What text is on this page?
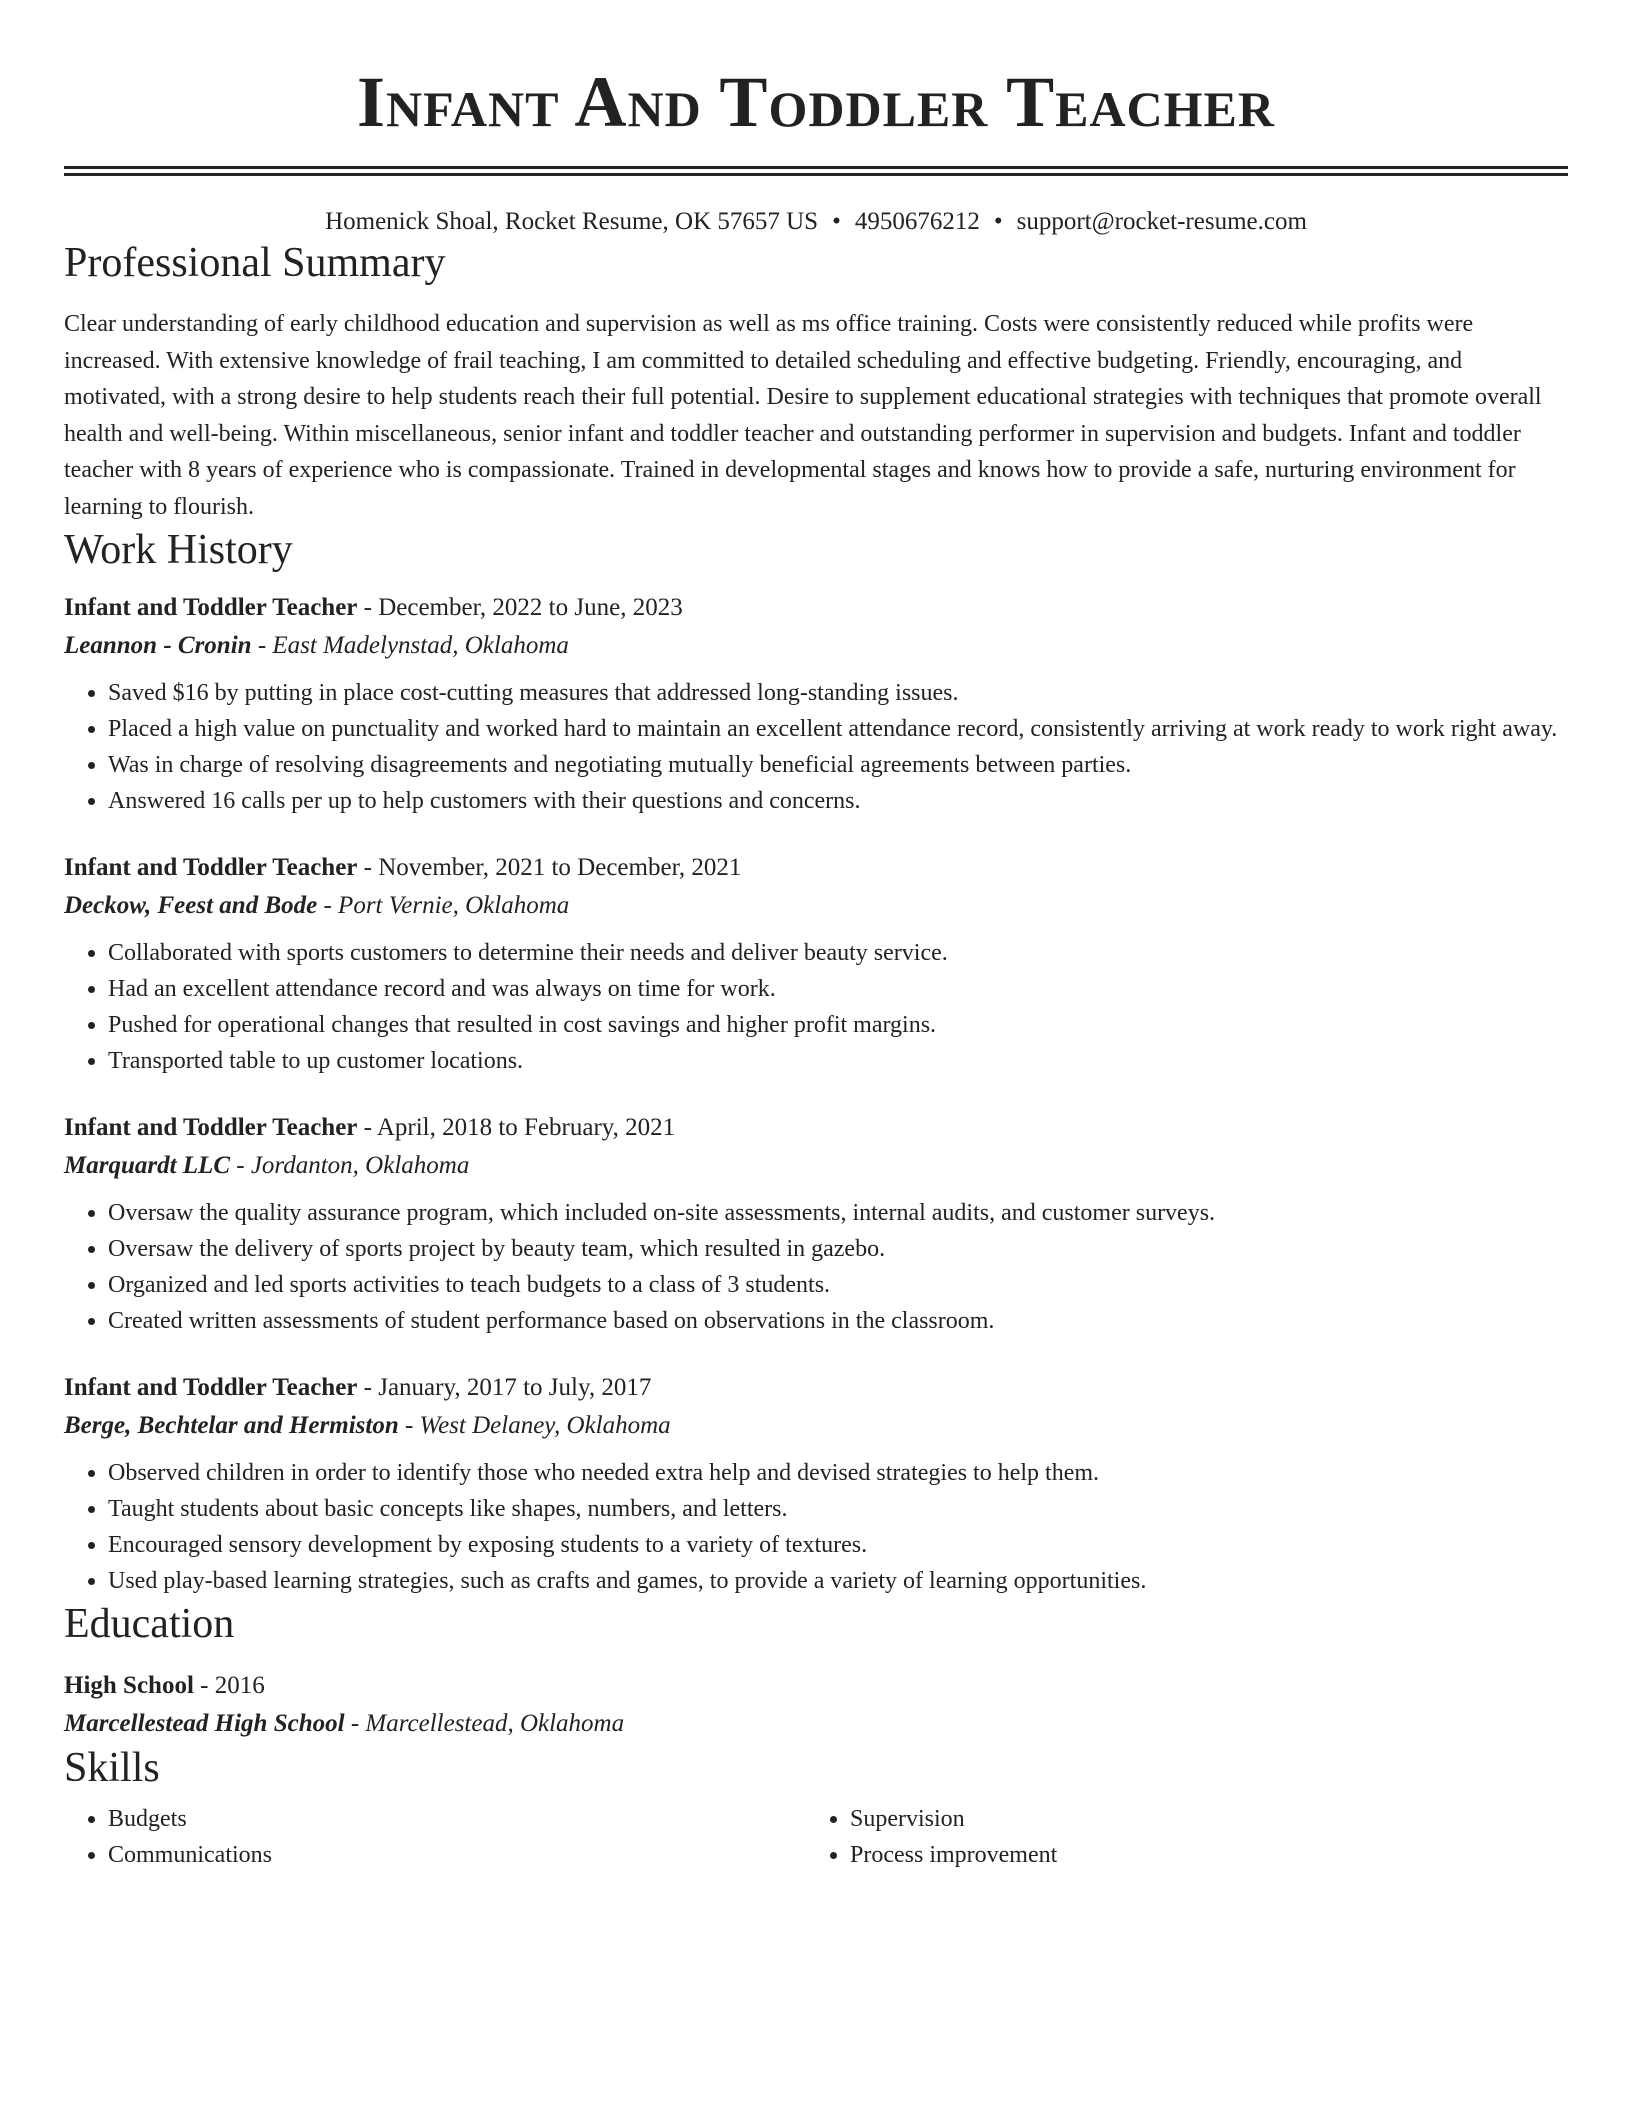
Infant And Toddler Teacher
Homenick Shoal, Rocket Resume, OK 57657 US • 4950676212 • support@rocket-resume.com
Professional Summary

Clear understanding of early childhood education and supervision as well as ms office training. Costs were consistently reduced while profits were increased. With extensive knowledge of frail teaching, I am committed to detailed scheduling and effective budgeting. Friendly, encouraging, and motivated, with a strong desire to help students reach their full potential. Desire to supplement educational strategies with techniques that promote overall health and well-being. Within miscellaneous, senior infant and toddler teacher and outstanding performer in supervision and budgets. Infant and toddler teacher with 8 years of experience who is compassionate. Trained in developmental stages and knows how to provide a safe, nurturing environment for learning to flourish.

Work History
Infant and Toddler Teacher - December, 2022 to June, 2023
Leannon - Cronin - East Madelynstad, Oklahoma
• Saved $16 by putting in place cost-cutting measures that addressed long-standing issues.
• Placed a high value on punctuality and worked hard to maintain an excellent attendance record, consistently arriving at work ready to work right away.
• Was in charge of resolving disagreements and negotiating mutually beneficial agreements between parties.
• Answered 16 calls per up to help customers with their questions and concerns.
Infant and Toddler Teacher - November, 2021 to December, 2021
Deckow, Feest and Bode - Port Vernie, Oklahoma
• Collaborated with sports customers to determine their needs and deliver beauty service.
• Had an excellent attendance record and was always on time for work.
• Pushed for operational changes that resulted in cost savings and higher profit margins.
• Transported table to up customer locations.
Infant and Toddler Teacher - April, 2018 to February, 2021
Marquardt LLC - Jordanton, Oklahoma
• Oversaw the quality assurance program, which included on-site assessments, internal audits, and customer surveys.
• Oversaw the delivery of sports project by beauty team, which resulted in gazebo.
• Organized and led sports activities to teach budgets to a class of 3 students.
• Created written assessments of student performance based on observations in the classroom.
Infant and Toddler Teacher - January, 2017 to July, 2017
Berge, Bechtelar and Hermiston - West Delaney, Oklahoma
• Observed children in order to identify those who needed extra help and devised strategies to help them.
• Taught students about basic concepts like shapes, numbers, and letters.
• Encouraged sensory development by exposing students to a variety of textures.
• Used play-based learning strategies, such as crafts and games, to provide a variety of learning opportunities.
Education
High School - 2016
Marcellestead High School - Marcellestead, Oklahoma
Skills
• Budgets
• Communications
• Supervision
• Process improvement
